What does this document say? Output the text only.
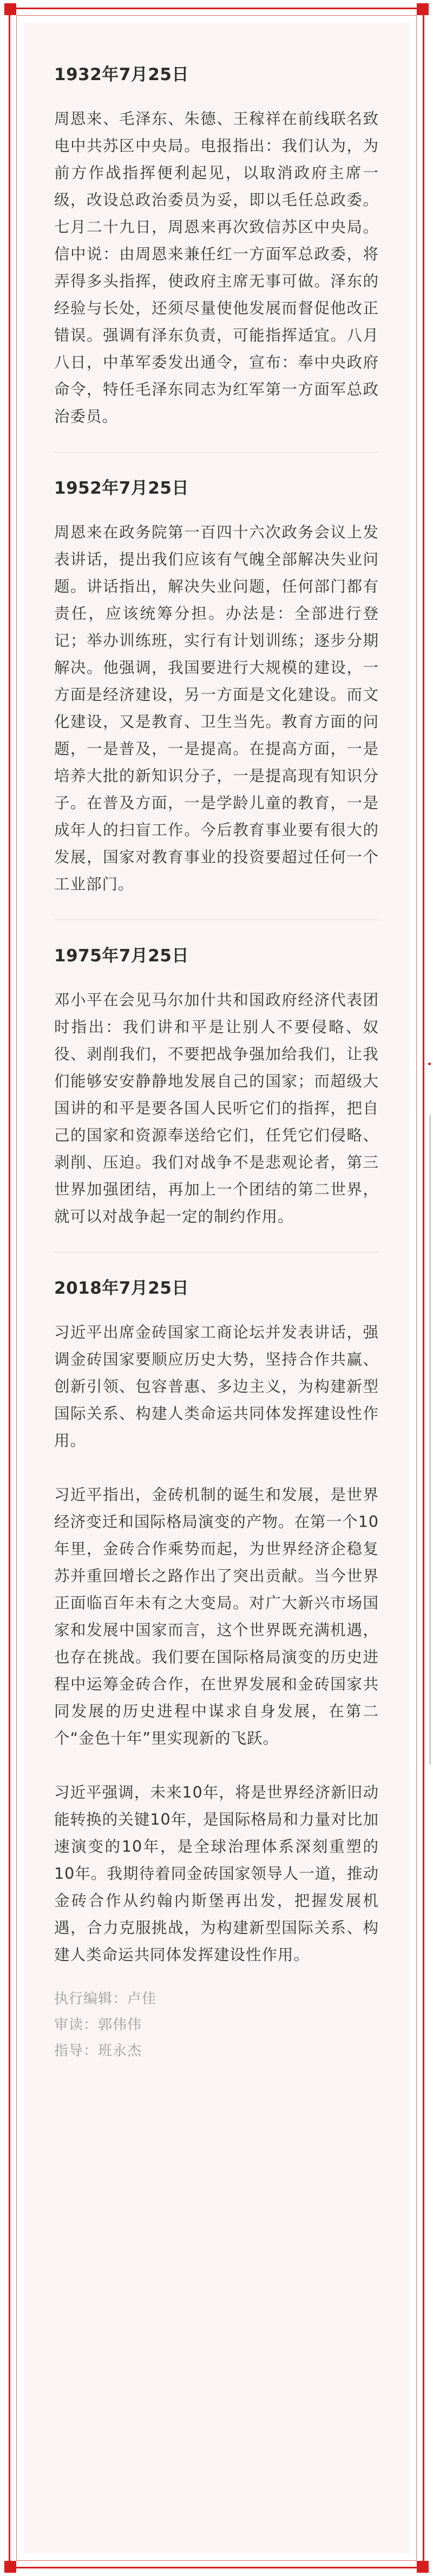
1932年7月25日

周恩来、毛泽东、朱德、王稼祥在前线联名致电中共苏区中央局。电报指出：我们认为，为前方作战指挥便利起见，以取消政府主席一级，改设总政治委员为妥，即以毛任总政委。七月二十九日，周恩来再次致信苏区中央局。信中说：由周恩来兼任红一方面军总政委，将弄得多头指挥，使政府主席无事可做。泽东的经验与长处，还须尽量使他发展而督促他改正错误。强调有泽东负责，可能指挥适宜。八月八日，中革军委发出通令，宣布：奉中央政府命令，特任毛泽东同志为红军第一方面军总政治委员。

1952年7月25日

周恩来在政务院第一百四十六次政务会议上发表讲话，提出我们应该有气魄全部解决失业问题。讲话指出，解决失业问题，任何部门都有责任，应该统筹分担。办法是：全部进行登记；举办训练班，实行有计划训练；逐步分期解决。他强调，我国要进行大规模的建设，一方面是经济建设，另一方面是文化建设。而文化建设，又是教育、卫生当先。教育方面的问题，一是普及，一是提高。在提高方面，一是培养大批的新知识分子，一是提高现有知识分子。在普及方面，一是学龄儿童的教育，一是成年人的扫盲工作。今后教育事业要有很大的发展，国家对教育事业的投资要超过任何一个工业部门。

1975年7月25日

邓小平在会见马尔加什共和国政府经济代表团时指出：我们讲和平是让别人不要侵略、奴役、剥削我们，不要把战争强加给我们，让我们能够安安静静地发展自己的国家；而超级大国讲的和平是要各国人民听它们的指挥，把自己的国家和资源奉送给它们，任凭它们侵略、剥削、压迫。我们对战争不是悲观论者，第三世界加强团结，再加上一个团结的第二世界，就可以对战争起一定的制约作用。

2018年7月25日

习近平出席金砖国家工商论坛并发表讲话，强调金砖国家要顺应历史大势，坚持合作共赢、创新引领、包容普惠、多边主义，为构建新型国际关系、构建人类命运共同体发挥建设性作用。

习近平指出，金砖机制的诞生和发展，是世界经济变迁和国际格局演变的产物。在第一个10年里，金砖合作乘势而起，为世界经济企稳复苏并重回增长之路作出了突出贡献。当今世界正面临百年未有之大变局。对广大新兴市场国家和发展中国家而言，这个世界既充满机遇，也存在挑战。我们要在国际格局演变的历史进程中运筹金砖合作，在世界发展和金砖国家共同发展的历史进程中谋求自身发展，在第二个“金色十年”里实现新的飞跃。

习近平强调，未来10年，将是世界经济新旧动能转换的关键10年，是国际格局和力量对比加速演变的10年，是全球治理体系深刻重塑的10年。我期待着同金砖国家领导人一道，推动金砖合作从约翰内斯堡再出发，把握发展机遇，合力克服挑战，为构建新型国际关系、构建人类命运共同体发挥建设性作用。

执行编辑：卢佳

审读：郭伟伟

指导：班永杰
